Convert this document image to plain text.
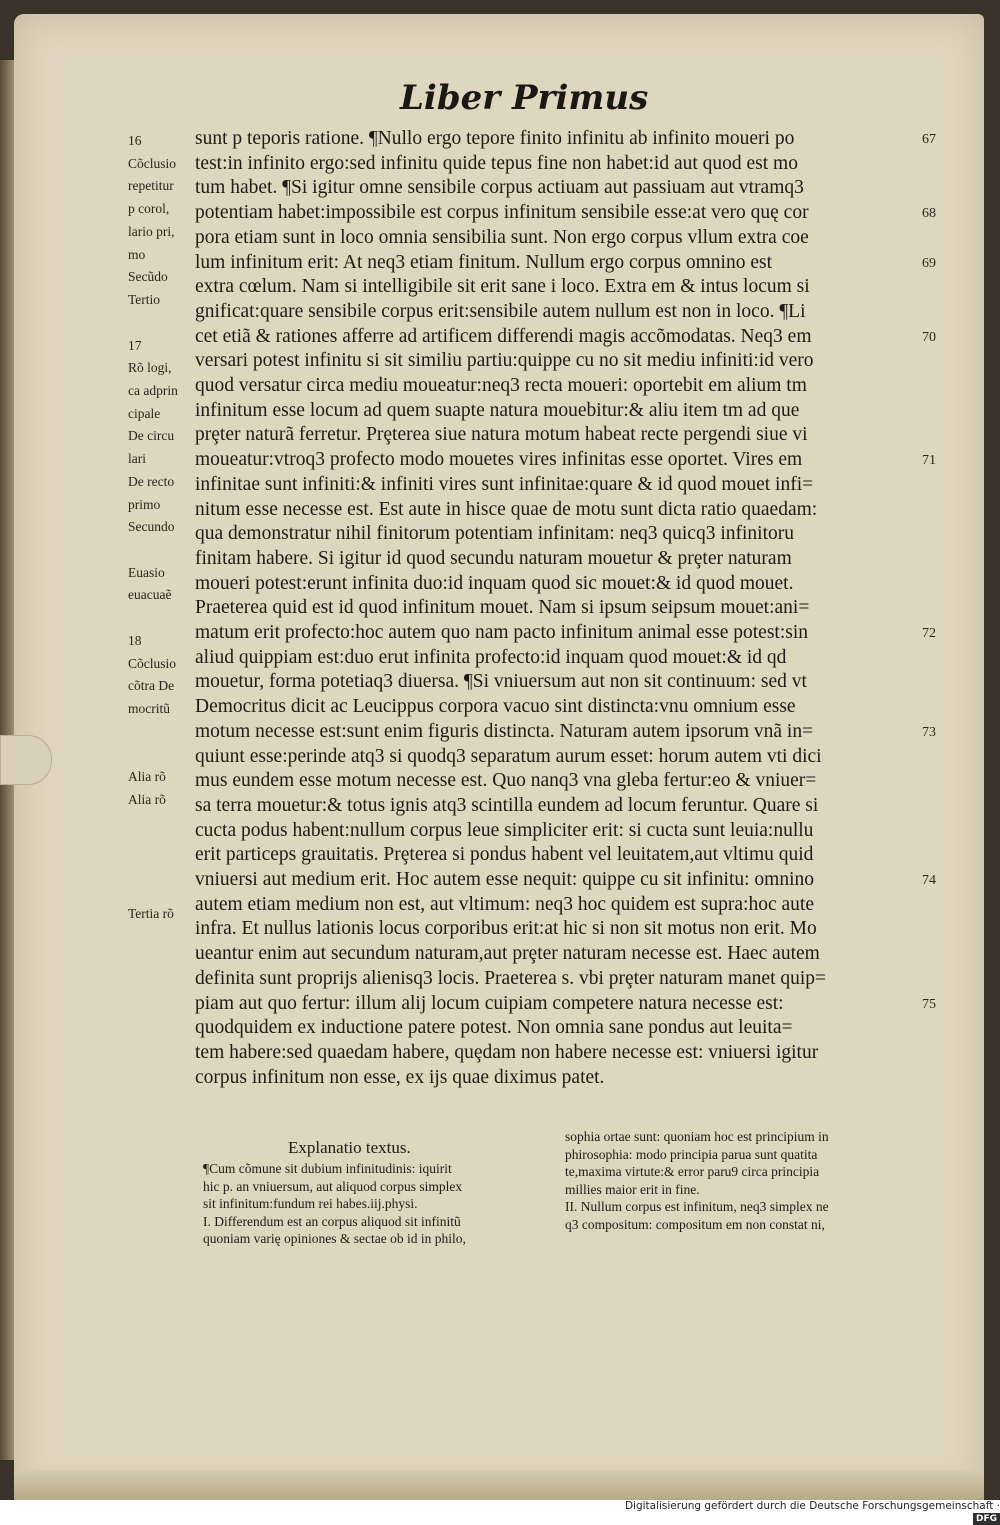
Liber Primus
sunt p teporis ratione. ¶Nullo ergo tepore finito infinitu ab infinito moueri po
test:in infinito ergo:sed infinitu quide tepus fine non habet:id aut quod est mo
tum habet. ¶Si igitur omne sensibile corpus actiuam aut passiuam aut vtramq3
potentiam habet:impossibile est corpus infinitum sensibile esse:at vero quę cor
pora etiam sunt in loco omnia sensibilia sunt. Non ergo corpus vllum extra coe
lum infinitum erit: At neq3 etiam finitum. Nullum ergo corpus omnino est
extra cœlum. Nam si intelligibile sit erit sane i loco. Extra em & intus locum si
gnificat:quare sensibile corpus erit:sensibile autem nullum est non in loco. ¶Li
cet etiã & rationes afferre ad artificem differendi magis accõmodatas. Neq3 em
versari potest infinitu si sit similiu partiu:quippe cu no sit mediu infiniti:id vero
quod versatur circa mediu moueatur:neq3 recta moueri: oportebit em alium tm
infinitum esse locum ad quem suapte natura mouebitur:& aliu item tm ad que
prȩter naturã ferretur. Prȩterea siue natura motum habeat recte pergendi siue vi
moueatur:vtroq3 profecto modo mouetes vires infinitas esse oportet. Vires em
infinitae sunt infiniti:& infiniti vires sunt infinitae:quare & id quod mouet infi=
nitum esse necesse est. Est aute in hisce quae de motu sunt dicta ratio quaedam:
qua demonstratur nihil finitorum potentiam infinitam: neq3 quicq3 infinitoru
finitam habere. Si igitur id quod secundu naturam mouetur & prȩter naturam
moueri potest:erunt infinita duo:id inquam quod sic mouet:& id quod mouet.
Praeterea quid est id quod infinitum mouet. Nam si ipsum seipsum mouet:ani=
matum erit profecto:hoc autem quo nam pacto infinitum animal esse potest:sin
aliud quippiam est:duo erut infinita profecto:id inquam quod mouet:& id qd
mouetur, forma potetiaq3 diuersa. ¶Si vniuersum aut non sit continuum: sed vt
Democritus dicit ac Leucippus corpora vacuo sint distincta:vnu omnium esse
motum necesse est:sunt enim figuris distincta. Naturam autem ipsorum vnã in=
quiunt esse:perinde atq3 si quodq3 separatum aurum esset: horum autem vti dici
mus eundem esse motum necesse est. Quo nanq3 vna gleba fertur:eo & vniuer=
sa terra mouetur:& totus ignis atq3 scintilla eundem ad locum feruntur. Quare si
cucta podus habent:nullum corpus leue simpliciter erit: si cucta sunt leuia:nullu
erit particeps grauitatis. Prȩterea si pondus habent vel leuitatem,aut vltimu quid
vniuersi aut medium erit. Hoc autem esse nequit: quippe cu sit infinitu: omnino
autem etiam medium non est, aut vltimum: neq3 hoc quidem est supra:hoc aute
infra. Et nullus lationis locus corporibus erit:at hic si non sit motus non erit. Mo
ueantur enim aut secundum naturam,aut prȩter naturam necesse est. Haec autem
definita sunt proprijs alienisq3 locis. Praeterea s. vbi prȩter naturam manet quip=
piam aut quo fertur: illum alij locum cuipiam competere natura necesse est:
quodquidem ex inductione patere potest. Non omnia sane pondus aut leuita=
tem habere:sed quaedam habere, quȩdam non habere necesse est: vniuersi igitur
corpus infinitum non esse, ex ijs quae diximus patet.
16
Cõclusio
repetitur
p corol,
lario pri,
mo
Secũdo
Tertio
17
Rõ logi,
ca adprin
cipale
De circu
lari
De recto
primo
Secundo
Euasio
euacuaẽ
18
Cõclusio
cõtra De
mocritũ
Alia rõ
Alia rõ
Tertia rõ
67
68
69
70
71
72
73
74
75
Explanatio textus.
¶Cum cõmune sit dubium infinitudinis: iquirit
hic p. an vniuersum, aut aliquod corpus simplex
sit infinitum:fundum rei habes.iij.physi.
I. Differendum est an corpus aliquod sit infinitũ
quoniam varię opiniones & sectae ob id in philo,
sophia ortae sunt: quoniam hoc est principium in
phirosophia: modo principia parua sunt quatita
te,maxima virtute:& error paru9 circa principia
millies maior erit in fine.
II. Nullum corpus est infinitum, neq3 simplex ne
q3 compositum: compositum em non constat ni,
Digitalisierung gefördert durch die Deutsche Forschungsgemeinschaft · DFG
